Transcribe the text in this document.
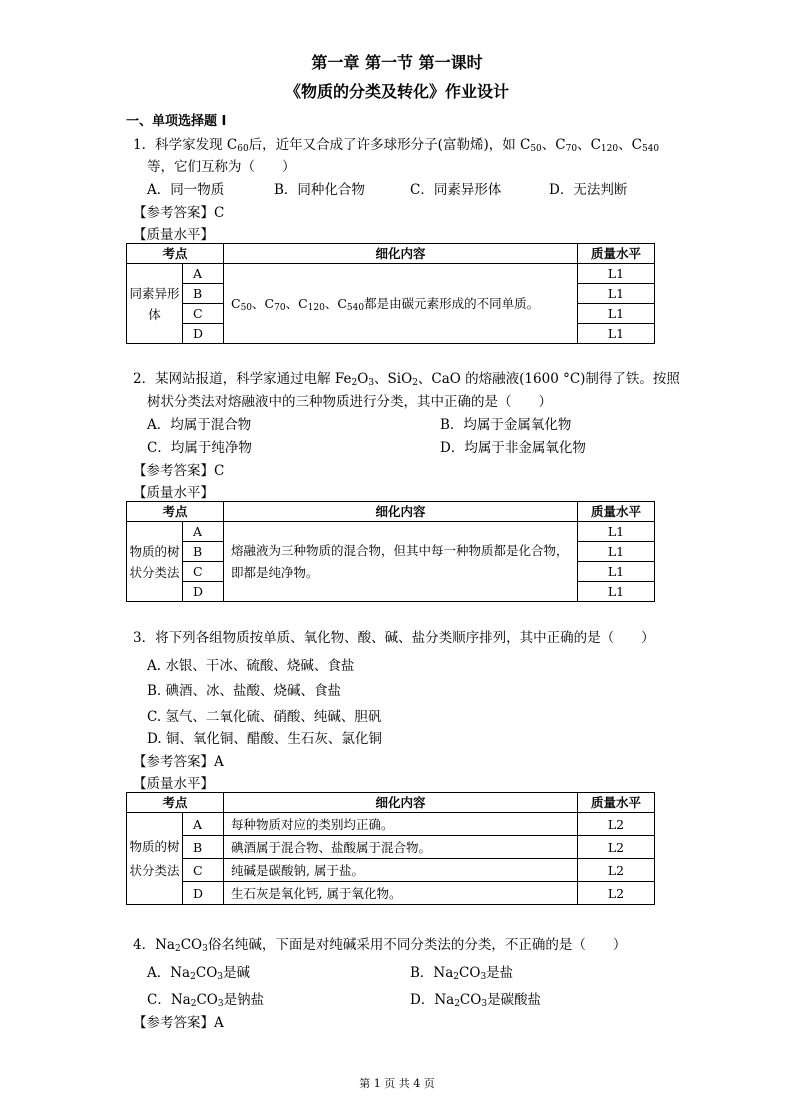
第一章 第一节 第一课时
《物质的分类及转化》作业设计
一、单项选择题 I
1．科学家发现 $C_{60}$后，近年又合成了许多球形分子(富勒烯)，如 $C_{50}$、$C_{70}$、$C_{120}$、$C_{540}$
等，它们互称为（　　）
A．同一物质	B．同种化合物	C．同素异形体	D．无法判断
【参考答案】C
【质量水平】
考点		细化内容	质量水平
同素异形体	A	$C_{50}$、$C_{70}$、$C_{120}$、$C_{540}$都是由碳元素形成的不同单质。	L1
	B		L1
	C		L1
	D		L1
2．某网站报道，科学家通过电解 $Fe_2O_3$、SiO$_2$、CaO 的熔融液(1600 °C)制得了铁。按照
树状分类法对熔融液中的三种物质进行分类，其中正确的是（　　）
A．均属于混合物	B．均属于金属氧化物
C．均属于纯净物	D．均属于非金属氧化物
【参考答案】C
【质量水平】
考点		细化内容	质量水平
物质的树状分类法	A	熔融液为三种物质的混合物，但其中每一种物质都是化合物，即都是纯净物。	L1
	B		L1
	C		L1
	D		L1
3．将下列各组物质按单质、氧化物、酸、碱、盐分类顺序排列，其中正确的是（　　）
A. 水银、干冰、硫酸、烧碱、食盐
B. 碘酒、冰、盐酸、烧碱、食盐
C. 氢气、二氧化硫、硝酸、纯碱、胆矾
D. 铜、氧化铜、醋酸、生石灰、氯化铜
【参考答案】A
【质量水平】
考点		细化内容	质量水平
物质的树状分类法	A	每种物质对应的类别均正确。	L2
	B	碘酒属于混合物、盐酸属于混合物。	L2
	C	纯碱是碳酸钠, 属于盐。	L2
	D	生石灰是氧化钙, 属于氧化物。	L2
4．$Na_2CO_3$俗名纯碱，下面是对纯碱采用不同分类法的分类，不正确的是（　　）
A．$Na_2CO_3$是碱	B．$Na_2CO_3$是盐
C．$Na_2CO_3$是钠盐	D．$Na_2CO_3$是碳酸盐
【参考答案】A
第 1 页 共 4 页
